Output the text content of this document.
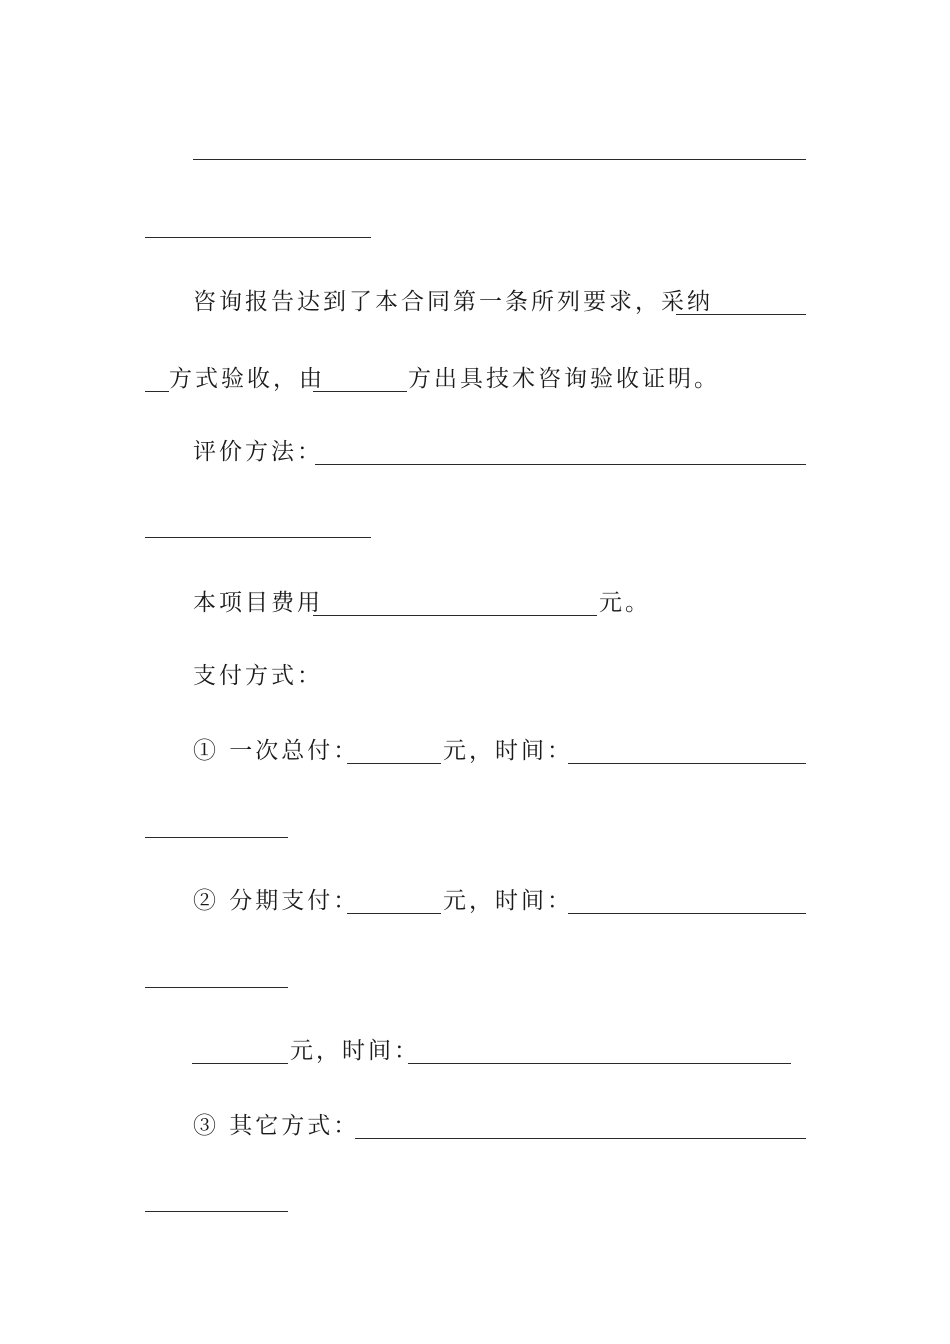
咨询报告达到了本合同第一条所列要求，采纳
方式验收，由	方出具技术咨询验收证明。
评价方法：
本项目费用	元。
支付方式：
① 一次总付：	元，时间：
② 分期支付：	元，时间：
元，时间：
③ 其它方式：
